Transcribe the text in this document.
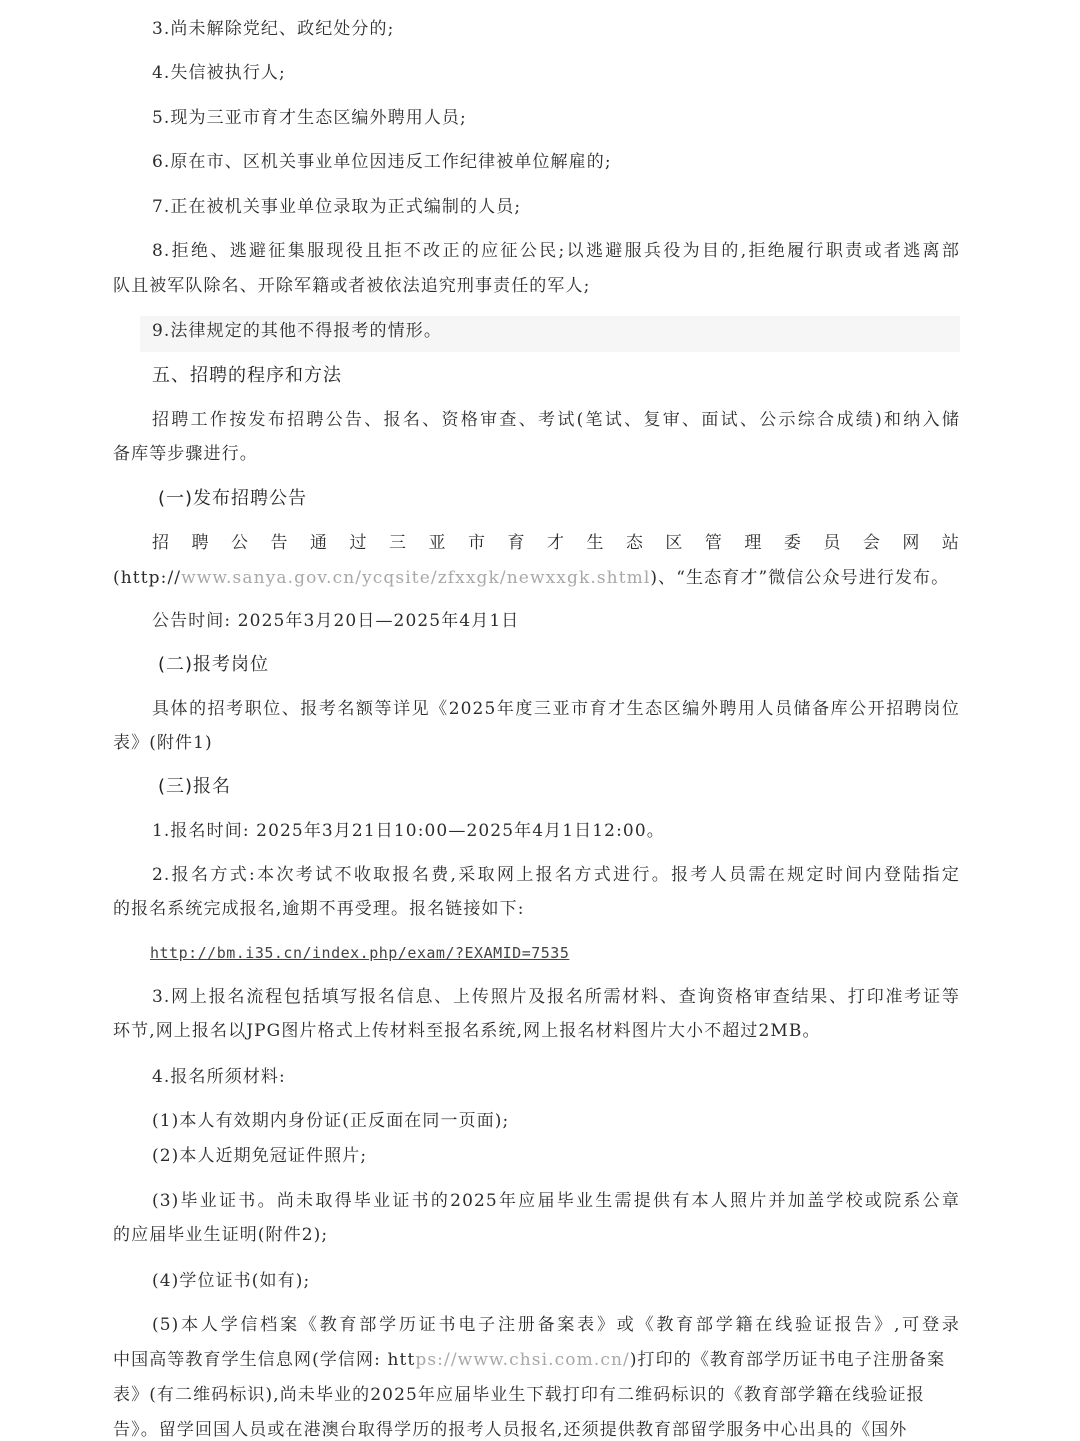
3.尚未解除党纪、政纪处分的;
4.失信被执行人;
5.现为三亚市育才生态区编外聘用人员;
6.原在市、区机关事业单位因违反工作纪律被单位解雇的;
7.正在被机关事业单位录取为正式编制的人员;
8.拒绝、逃避征集服现役且拒不改正的应征公民;以逃避服兵役为目的,拒绝履行职责或者逃离部
队且被军队除名、开除军籍或者被依法追究刑事责任的军人;
9.法律规定的其他不得报考的情形。
五、招聘的程序和方法
招聘工作按发布招聘公告、报名、资格审查、考试(笔试、复审、面试、公示综合成绩)和纳入储
备库等步骤进行。
(一)发布招聘公告
招聘公告通过三亚市育才生态区管理委员会网站
(http://www.sanya.gov.cn/ycqsite/zfxxgk/newxxgk.shtml)、“生态育才”微信公众号进行发布。
公告时间: 2025年3月20日—2025年4月1日
(二)报考岗位
具体的招考职位、报考名额等详见《2025年度三亚市育才生态区编外聘用人员储备库公开招聘岗位
表》(附件1)
(三)报名
1.报名时间: 2025年3月21日10:00—2025年4月1日12:00。
2.报名方式:本次考试不收取报名费,采取网上报名方式进行。报考人员需在规定时间内登陆指定
的报名系统完成报名,逾期不再受理。报名链接如下:
http://bm.i35.cn/index.php/exam/?EXAMID=7535
3.网上报名流程包括填写报名信息、上传照片及报名所需材料、查询资格审查结果、打印准考证等
环节,网上报名以JPG图片格式上传材料至报名系统,网上报名材料图片大小不超过2MB。
4.报名所须材料:
(1)本人有效期内身份证(正反面在同一页面);
(2)本人近期免冠证件照片;
(3)毕业证书。尚未取得毕业证书的2025年应届毕业生需提供有本人照片并加盖学校或院系公章
的应届毕业生证明(附件2);
(4)学位证书(如有);
(5)本人学信档案《教育部学历证书电子注册备案表》或《教育部学籍在线验证报告》,可登录
中国高等教育学生信息网(学信网: https://www.chsi.com.cn/)打印的《教育部学历证书电子注册备案
表》(有二维码标识),尚未毕业的2025年应届毕业生下载打印有二维码标识的《教育部学籍在线验证报
告》。留学回国人员或在港澳台取得学历的报考人员报名,还须提供教育部留学服务中心出具的《国外
